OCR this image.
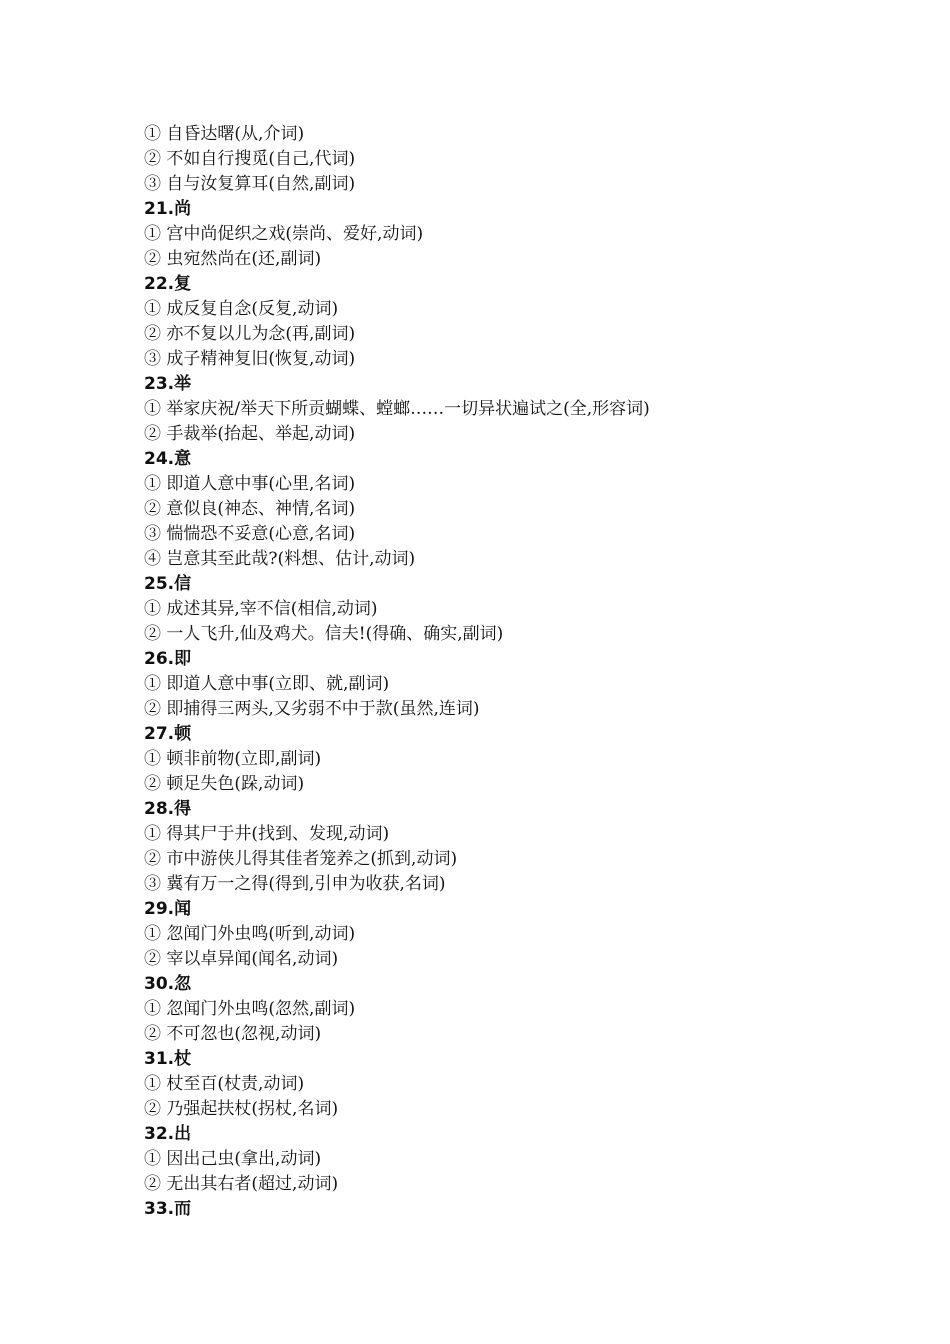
① 自昏达曙(从,介词)
② 不如自行搜觅(自己,代词)
③ 自与汝复算耳(自然,副词)
21.尚
① 宫中尚促织之戏(崇尚、爱好,动词)
② 虫宛然尚在(还,副词)
22.复
① 成反复自念(反复,动词)
② 亦不复以儿为念(再,副词)
③ 成子精神复旧(恢复,动词)
23.举
① 举家庆祝/举天下所贡蝴蝶、螳螂……一切异状遍试之(全,形容词)
② 手裁举(抬起、举起,动词)
24.意
① 即道人意中事(心里,名词)
② 意似良(神态、神情,名词)
③ 惴惴恐不妥意(心意,名词)
④ 岂意其至此哉?(料想、估计,动词)
25.信
① 成述其异,宰不信(相信,动词)
② 一人飞升,仙及鸡犬。信夫!(得确、确实,副词)
26.即
① 即道人意中事(立即、就,副词)
② 即捕得三两头,又劣弱不中于款(虽然,连词)
27.顿
① 顿非前物(立即,副词)
② 顿足失色(跺,动词)
28.得
① 得其尸于井(找到、发现,动词)
② 市中游侠儿得其佳者笼养之(抓到,动词)
③ 冀有万一之得(得到,引申为收获,名词)
29.闻
① 忽闻门外虫鸣(听到,动词)
② 宰以卓异闻(闻名,动词)
30.忽
① 忽闻门外虫鸣(忽然,副词)
② 不可忽也(忽视,动词)
31.杖
① 杖至百(杖责,动词)
② 乃强起扶杖(拐杖,名词)
32.出
① 因出己虫(拿出,动词)
② 无出其右者(超过,动词)
33.而
